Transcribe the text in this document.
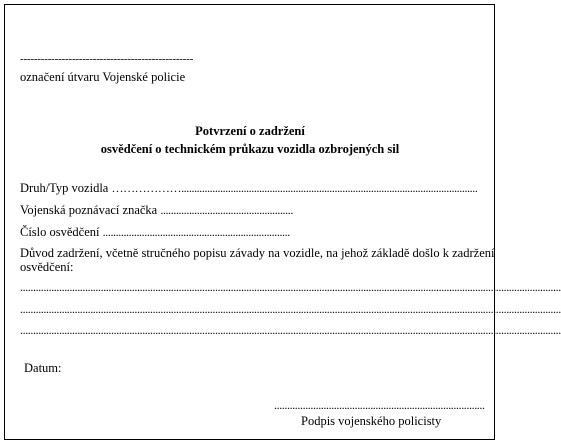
--------------------------------------------------
označení útvaru Vojenské policie
Potvrzení o zadržení
osvědčení o technickém průkazu vozidla ozbrojených sil
Druh/Typ vozidla ………………..................................................................................................................
Vojenská poznávací značka ...................................................
Číslo osvědčení ........................................................................
Důvod zadržení, včetně stručného popisu závady na vozidle, na jehož základě došlo k zadržení
osvědčení:
................................................................................................................................................................................................................
................................................................................................................................................................................................................
................................................................................................................................................................................................................
Datum:
.................................................................................
Podpis vojenského policisty
